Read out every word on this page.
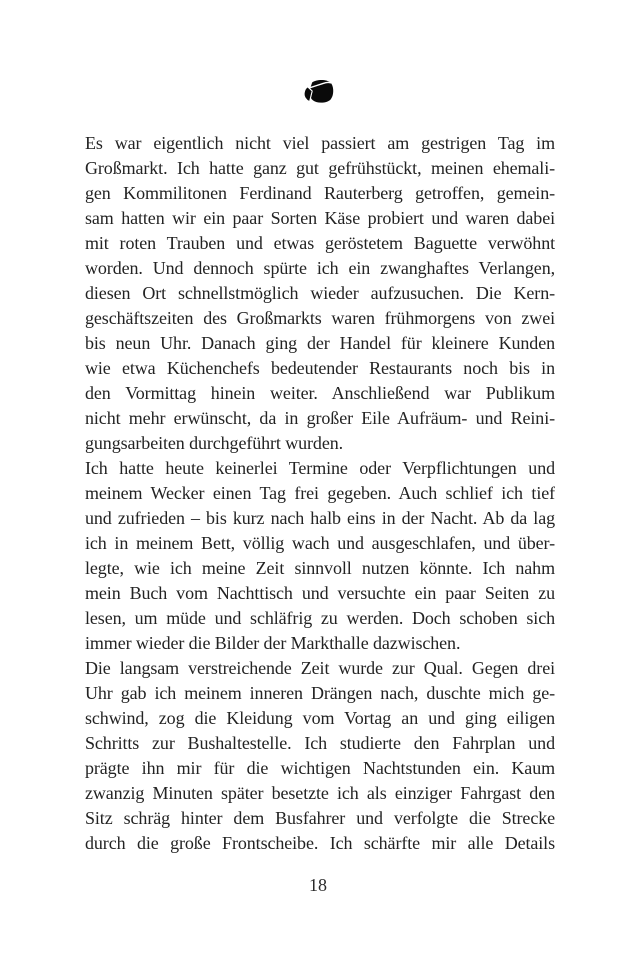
Es war eigentlich nicht viel passiert am gestrigen Tag im
Großmarkt. Ich hatte ganz gut gefrühstückt, meinen ehemali-
gen Kommilitonen Ferdinand Rauterberg getroffen, gemein-
sam hatten wir ein paar Sorten Käse probiert und waren dabei
mit roten Trauben und etwas geröstetem Baguette verwöhnt
worden. Und dennoch spürte ich ein zwanghaftes Verlangen,
diesen Ort schnellstmöglich wieder aufzusuchen. Die Kern-
geschäftszeiten des Großmarkts waren frühmorgens von zwei
bis neun Uhr. Danach ging der Handel für kleinere Kunden
wie etwa Küchenchefs bedeutender Restaurants noch bis in
den Vormittag hinein weiter. Anschließend war Publikum
nicht mehr erwünscht, da in großer Eile Aufräum- und Reini-
gungsarbeiten durchgeführt wurden.
Ich hatte heute keinerlei Termine oder Verpflichtungen und
meinem Wecker einen Tag frei gegeben. Auch schlief ich tief
und zufrieden – bis kurz nach halb eins in der Nacht. Ab da lag
ich in meinem Bett, völlig wach und ausgeschlafen, und über-
legte, wie ich meine Zeit sinnvoll nutzen könnte. Ich nahm
mein Buch vom Nachttisch und versuchte ein paar Seiten zu
lesen, um müde und schläfrig zu werden. Doch schoben sich
immer wieder die Bilder der Markthalle dazwischen.
Die langsam verstreichende Zeit wurde zur Qual. Gegen drei
Uhr gab ich meinem inneren Drängen nach, duschte mich ge-
schwind, zog die Kleidung vom Vortag an und ging eiligen
Schritts zur Bushaltestelle. Ich studierte den Fahrplan und
prägte ihn mir für die wichtigen Nachtstunden ein. Kaum
zwanzig Minuten später besetzte ich als einziger Fahrgast den
Sitz schräg hinter dem Busfahrer und verfolgte die Strecke
durch die große Frontscheibe. Ich schärfte mir alle Details
18
